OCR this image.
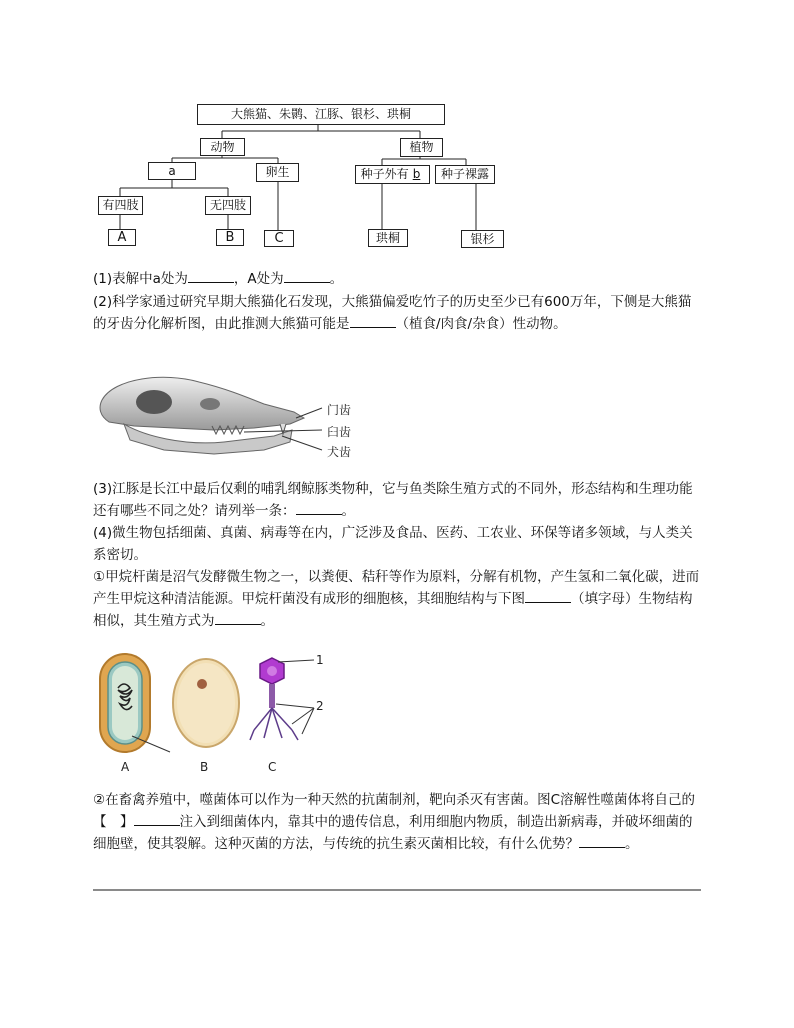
大熊猫、朱鹮、江豚、银杉、珙桐
动物	植物
a	卵生	种子外有 b	种子裸露
有四肢	无四肢
A	B	C	珙桐	银杉
(1)表解中a处为	，A处为	。
(2)科学家通过研究早期大熊猫化石发现，大熊猫偏爱吃竹子的历史至少已有600万年，下侧是大熊猫的牙齿分化解析图，由此推测大熊猫可能是	（植食/肉食/杂食）性动物。
门齿
臼齿
犬齿
(3)江豚是长江中最后仅剩的哺乳纲鲸豚类物种，它与鱼类除生殖方式的不同外，形态结构和生理功能还有哪些不同之处？请列举一条：	。
(4)微生物包括细菌、真菌、病毒等在内，广泛涉及食品、医药、工农业、环保等诸多领域，与人类关系密切。
①甲烷杆菌是沼气发酵微生物之一，以粪便、秸秆等作为原料，分解有机物，产生氢和二氧化碳，进而产生甲烷这种清洁能源。甲烷杆菌没有成形的细胞核，其细胞结构与下图	（填字母）生物结构相似，其生殖方式为	。
A	B	C
1
2
②在畜禽养殖中，噬菌体可以作为一种天然的抗菌制剂，靶向杀灭有害菌。图C溶解性噬菌体将自己的【　】	注入到细菌体内，靠其中的遗传信息，利用细胞内物质，制造出新病毒，并破坏细菌的细胞壁，使其裂解。这种灭菌的方法，与传统的抗生素灭菌相比较，有什么优势？	。
